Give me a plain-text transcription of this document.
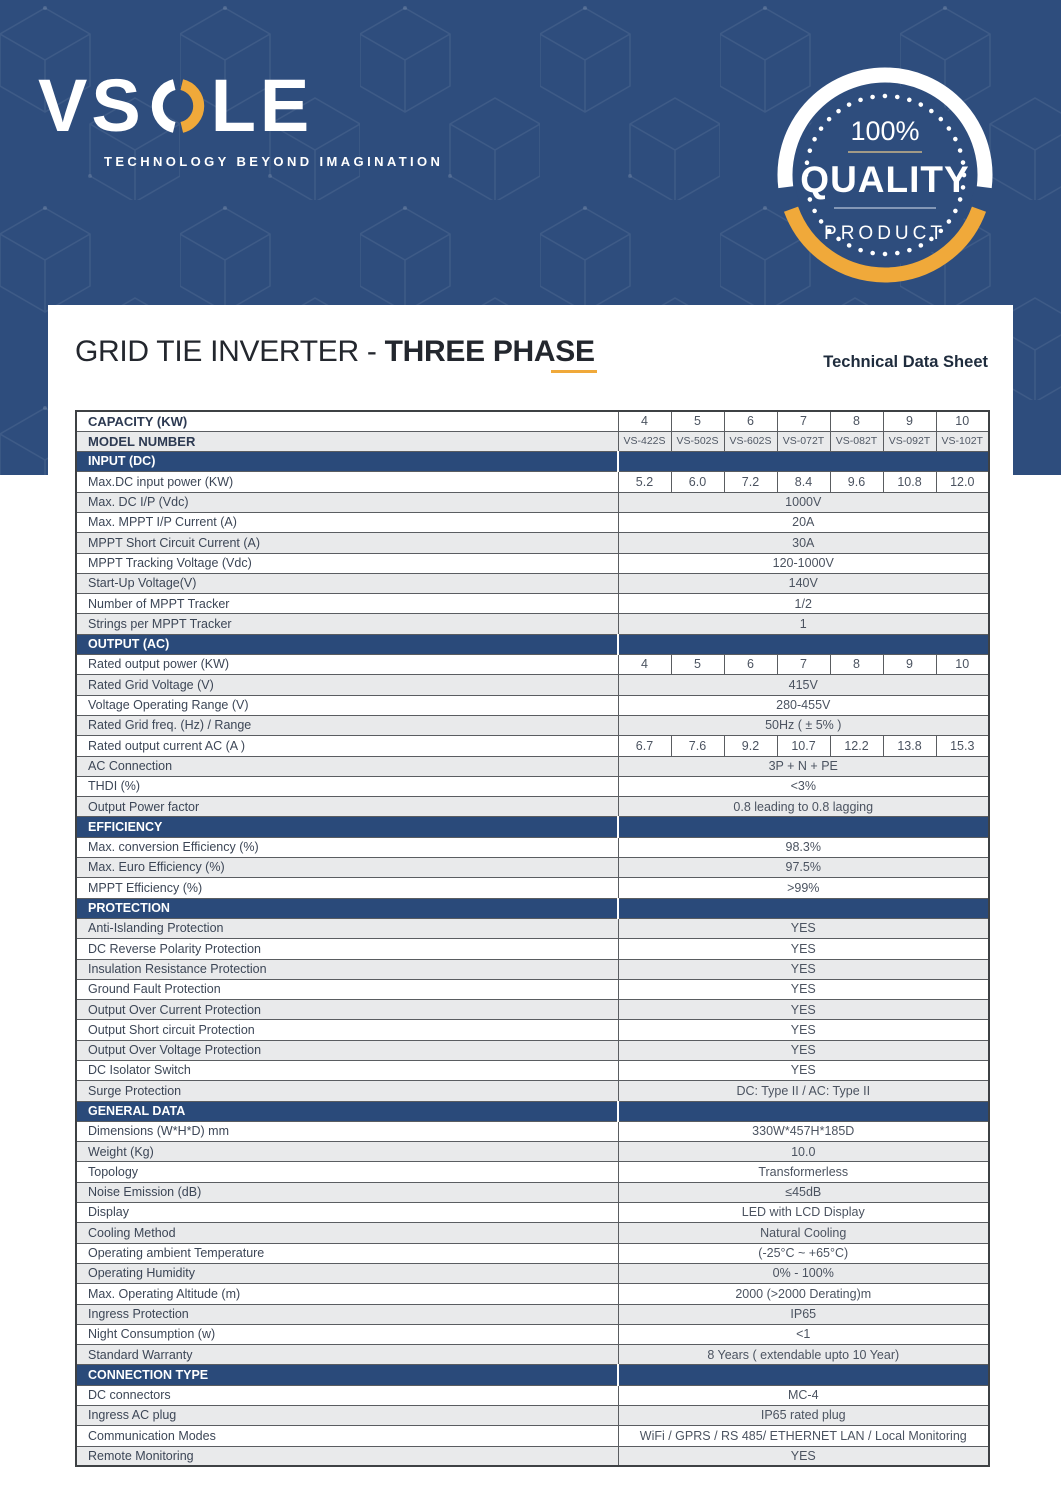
VS LE
TECHNOLOGY BEYOND IMAGINATION
100%
QUALITY
PRODUCT
GRID TIE INVERTER - THREE PHASE	Technical Data Sheet
CAPACITY (KW)	4	5	6	7	8	9	10
MODEL NUMBER	VS-422S	VS-502S	VS-602S	VS-072T	VS-082T	VS-092T	VS-102T
INPUT (DC)							
Max.DC input power (KW)	5.2	6.0	7.2	8.4	9.6	10.8	12.0
Max. DC I/P (Vdc)	1000V						
Max. MPPT I/P Current (A)	20A						
MPPT Short Circuit Current (A)	30A						
MPPT Tracking Voltage (Vdc)	120-1000V						
Start-Up Voltage(V)	140V						
Number of MPPT Tracker	1/2						
Strings per MPPT Tracker	1						
OUTPUT (AC)							
Rated output power (KW)	4	5	6	7	8	9	10
Rated Grid Voltage (V)	415V						
Voltage Operating Range (V)	280-455V						
Rated Grid freq. (Hz) / Range	50Hz ( ± 5% )						
Rated output current AC (A )	6.7	7.6	9.2	10.7	12.2	13.8	15.3
AC Connection	3P + N + PE						
THDI (%)	<3%						
Output Power factor	0.8 leading to 0.8 lagging						
EFFICIENCY							
Max. conversion Efficiency (%)	98.3%						
Max. Euro Efficiency (%)	97.5%						
MPPT Efficiency (%)	>99%						
PROTECTION							
Anti-Islanding Protection	YES						
DC Reverse Polarity Protection	YES						
Insulation Resistance Protection	YES						
Ground Fault Protection	YES						
Output Over Current Protection	YES						
Output Short circuit Protection	YES						
Output Over Voltage Protection	YES						
DC Isolator Switch	YES						
Surge Protection	DC: Type II / AC: Type II						
GENERAL DATA							
Dimensions (W*H*D) mm	330W*457H*185D						
Weight (Kg)	10.0						
Topology	Transformerless						
Noise Emission (dB)	≤45dB						
Display	LED with LCD Display						
Cooling Method	Natural Cooling						
Operating ambient Temperature	(-25°C ~ +65°C)						
Operating Humidity	0% - 100%						
Max. Operating Altitude (m)	2000 (>2000 Derating)m						
Ingress Protection	IP65						
Night Consumption (w)	<1						
Standard Warranty	8 Years ( extendable upto 10 Year)						
CONNECTION TYPE							
DC connectors	MC-4						
Ingress AC plug	IP65 rated plug						
Communication Modes	WiFi / GPRS / RS 485/ ETHERNET LAN / Local Monitoring						
Remote Monitoring	YES						
